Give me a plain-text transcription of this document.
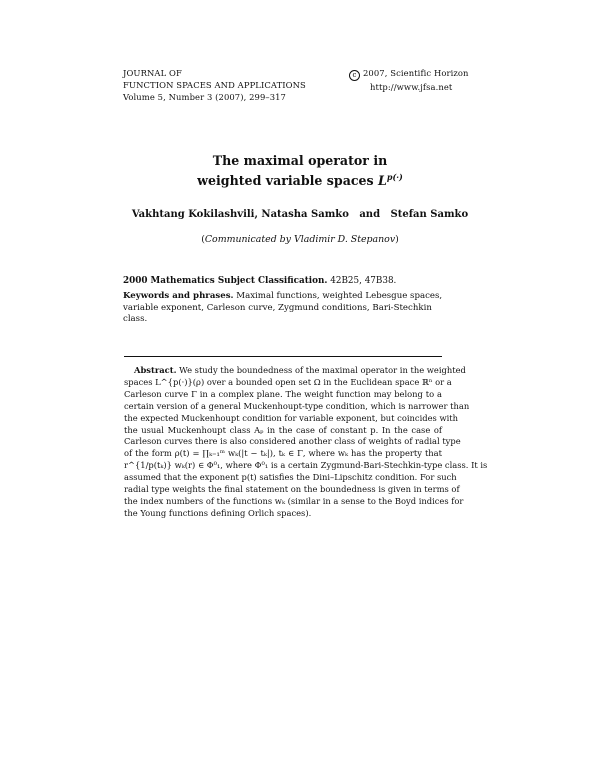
JOURNAL OF
FUNCTION SPACES AND APPLICATIONS
Volume 5, Number 3 (2007), 299–317
c 2007, Scientific Horizon
http://www.jfsa.net
The maximal operator in
weighted variable spaces $L^{p(\cdot)}$
Vakhtang Kokilashvili, Natasha Samko   and   Stefan Samko
(Communicated by Vladimir D. Stepanov)
2000 Mathematics Subject Classification. 42B25, 47B38.
Keywords and phrases. Maximal functions, weighted Lebesgue spaces, variable exponent, Carleson curve, Zygmund conditions, Bari-Stechkin class.
Abstract. We study the boundedness of the maximal operator in the weighted
spaces L^{p(·)}(ρ) over a bounded open set Ω in the Euclidean space ℝⁿ or a
Carleson curve Γ in a complex plane. The weight function may belong to a
certain version of a general Muckenhoupt-type condition, which is narrower than
the expected Muckenhoupt condition for variable exponent, but coincides with
the usual Muckenhoupt class Aₚ in the case of constant p. In the case of
Carleson curves there is also considered another class of weights of radial type
of the form ρ(t) = ∏ₖ₌₁ᵐ wₖ(|t − tₖ|), tₖ ∈ Γ, where wₖ has the property that
r^{1/p(tₖ)} wₖ(r) ∈ Φ⁰₁, where Φ⁰₁ is a certain Zygmund-Bari-Stechkin-type class. It is
assumed that the exponent p(t) satisfies the Dini–Lipschitz condition. For such
radial type weights the final statement on the boundedness is given in terms of
the index numbers of the functions wₖ (similar in a sense to the Boyd indices for
the Young functions defining Orlich spaces).
